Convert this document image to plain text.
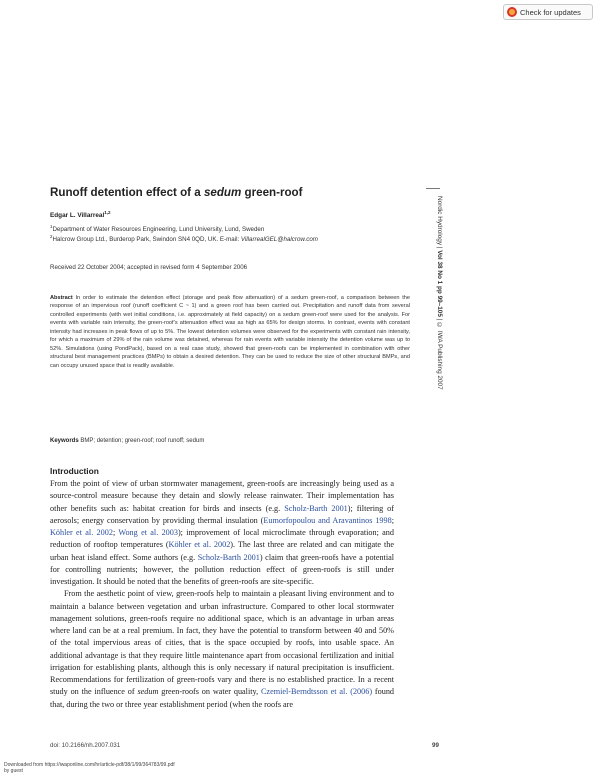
Check for updates
Runoff detention effect of a sedum green-roof
Edgar L. Villarreal$^{1,2}$
$^1$Department of Water Resources Engineering, Lund University, Lund, Sweden
$^2$Halcrow Group Ltd., Burderop Park, Swindon SN4 0QD, UK. E-mail: VillarrealGEL@halcrow.com
Received 22 October 2004; accepted in revised form 4 September 2006
Abstract In order to estimate the detention effect (storage and peak flow attenuation) of a sedum green-roof, a comparison between the response of an impervious roof (runoff coefficient C ~ 1) and a green roof has been carried out. Precipitation and runoff data from several controlled experiments (with wet initial conditions, i.e. approximately at field capacity) on a sedum green-roof were used for the analysis. For events with variable rain intensity, the green-roof’s attenuation effect was as high as 65% for design storms. In contrast, events with constant intensity had increases in peak flows of up to 5%. The lowest detention volumes were observed for the experiments with constant rain intensity, for which a maximum of 29% of the rain volume was detained, whereas for rain events with variable intensity the detention volume was up to 52%. Simulations (using PondPack), based on a real case study, showed that green-roofs can be implemented in combination with other structural best management practices (BMPs) to obtain a desired detention. They can be used to reduce the size of other structural BMPs, and can occupy unused space that is readily available.
Keywords BMP; detention; green-roof; roof runoff; sedum
Nordic Hydrology | Vol 38 No 1 pp 99–105 | © IWA Publishing 2007
Introduction

From the point of view of urban stormwater management, green-roofs are increasingly being used as a source-control measure because they detain and slowly release rainwater. Their implementation has other benefits such as: habitat creation for birds and insects (e.g. Scholz-Barth 2001); filtering of aerosols; energy conservation by providing thermal insulation (Eumorfopoulou and Aravantinos 1998; Köhler et al. 2002; Wong et al. 2003); improvement of local microclimate through evaporation; and reduction of rooftop temperatures (Köhler et al. 2002). The last three are related and can mitigate the urban heat island effect. Some authors (e.g. Scholz-Barth 2001) claim that green-roofs have a potential for controlling nutrients; however, the pollution reduction effect of green-roofs is still under investigation. It should be noted that the benefits of green-roofs are site-specific.

From the aesthetic point of view, green-roofs help to maintain a pleasant living environment and to maintain a balance between vegetation and urban infrastructure. Compared to other local stormwater management solutions, green-roofs require no additional space, which is an advantage in urban areas where land can be at a real premium. In fact, they have the potential to transform between 40 and 50% of the total impervious areas of cities, that is the space occupied by roofs, into usable space. An additional advantage is that they require little maintenance apart from occasional fertilization and initial irrigation for establishing plants, although this is only necessary if natural precipitation is insufficient. Recommendations for fertilization of green-roofs vary and there is no established practice. In a recent study on the influence of sedum green-roofs on water quality, Czemiel-Berndtsson et al. (2006) found that, during the two or three year establishment period (when the roofs are

doi: 10.2166/nh.2007.031	99
Downloaded from https://iwaponline.com/hr/article-pdf/38/1/99/364783/99.pdf
by guest
